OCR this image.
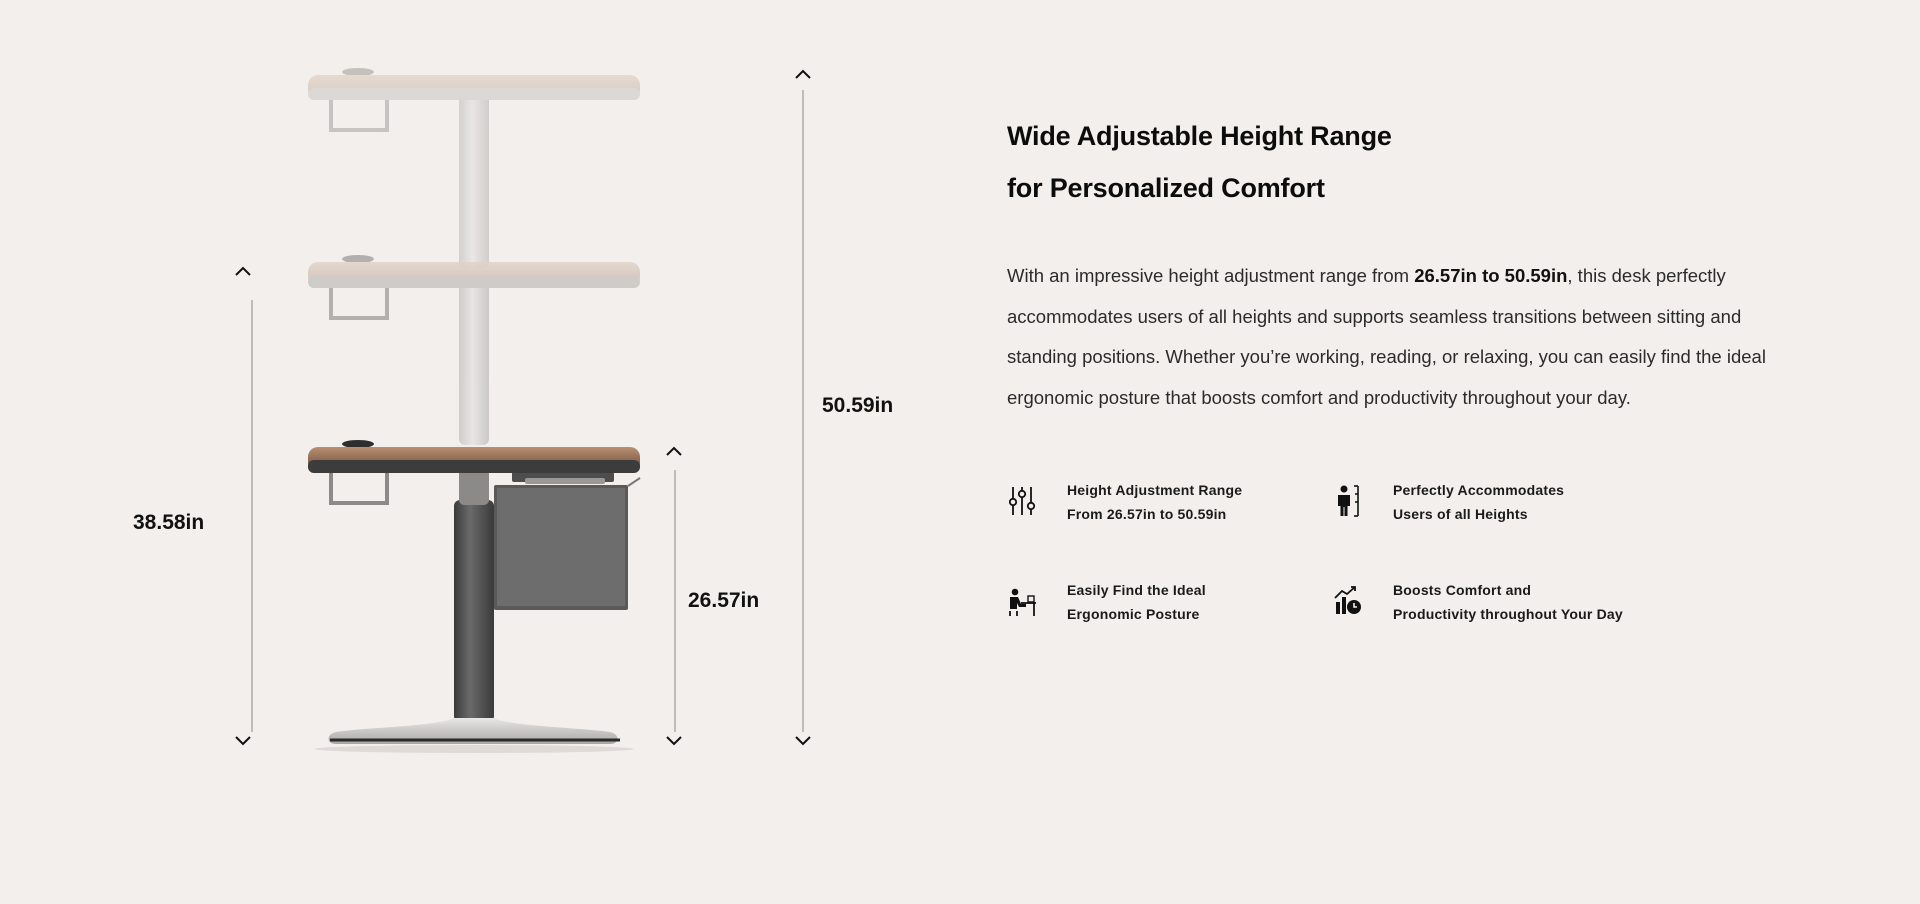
50.59in
26.57in
38.58in
Wide Adjustable Height Range
for Personalized Comfort

With an impressive height adjustment range from 26.57in to 50.59in, this desk perfectly accommodates users of all heights and supports seamless transitions between sitting and standing positions. Whether you’re working, reading, or relaxing, you can easily find the ideal ergonomic posture that boosts comfort and productivity throughout your day.

Height Adjustment Range
From 26.57in to 50.59in
Perfectly Accommodates
Users of all Heights
Easily Find the Ideal
Ergonomic Posture
Boosts Comfort and
Productivity throughout Your Day
